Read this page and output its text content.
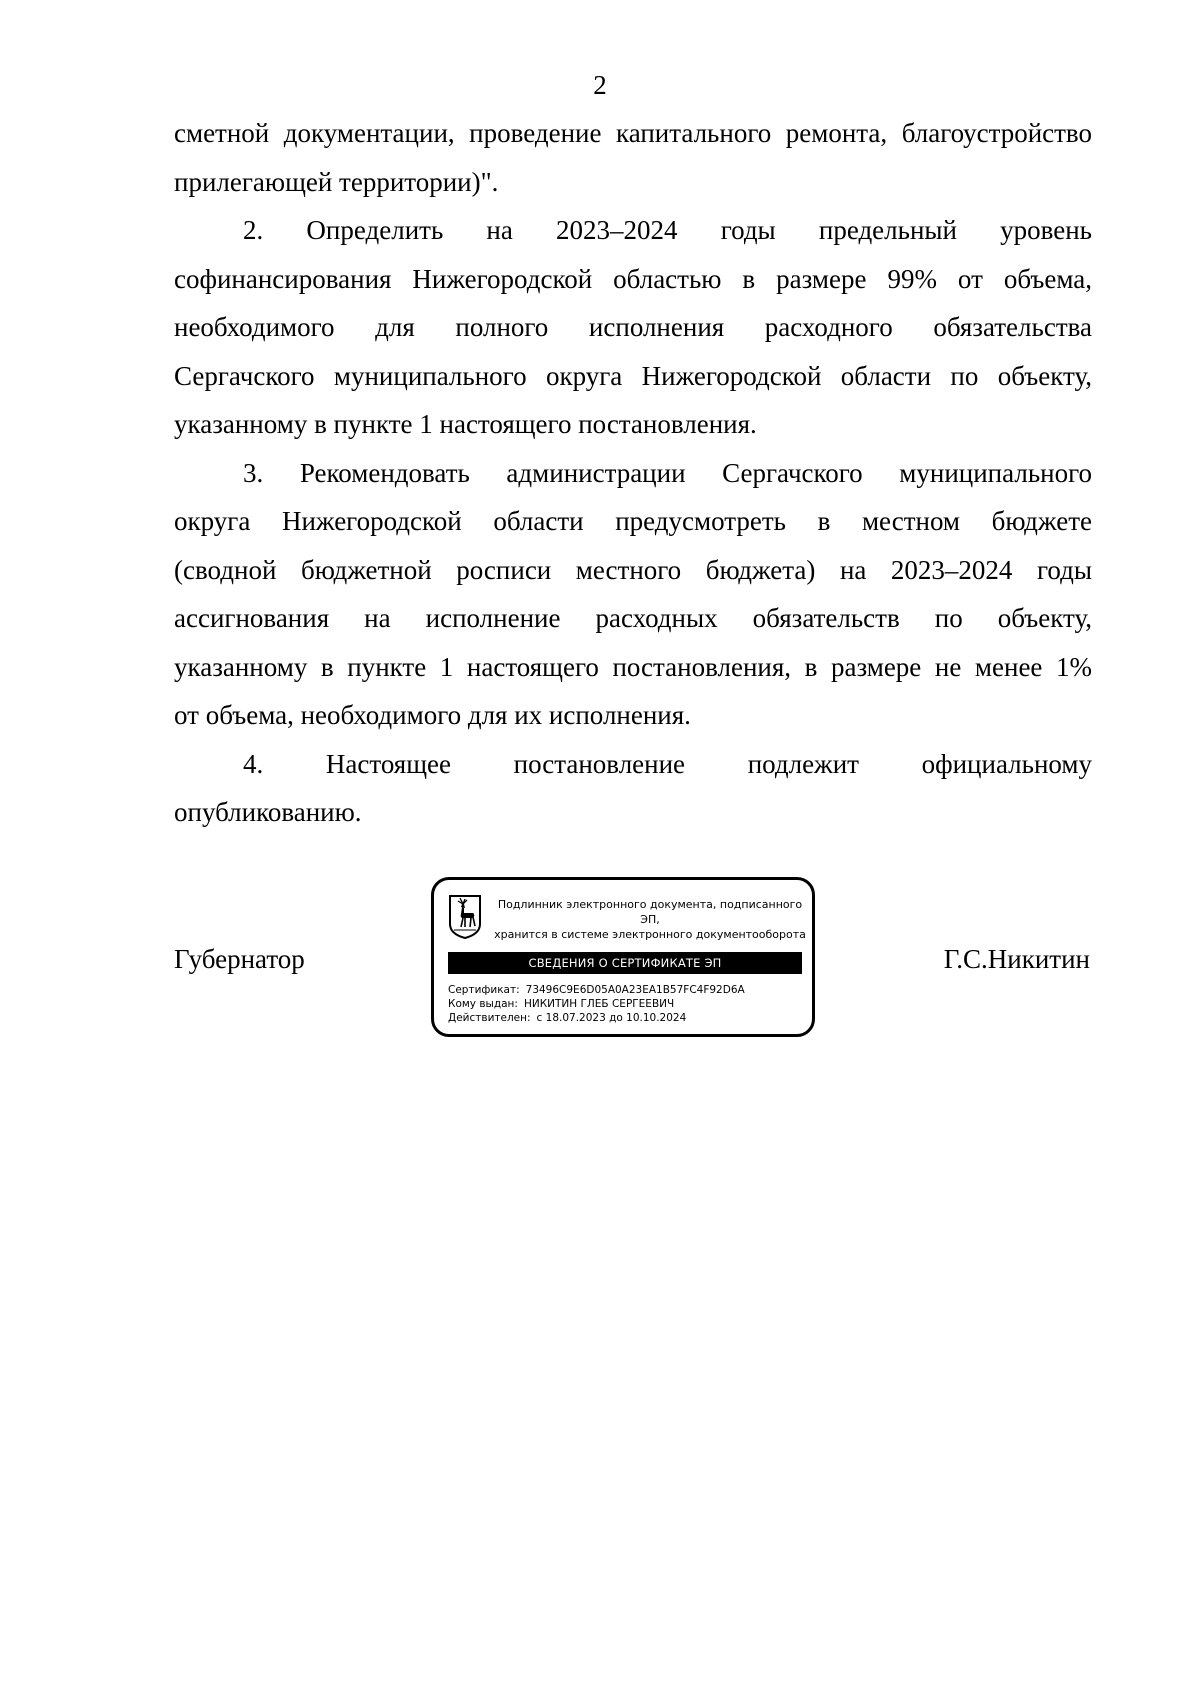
2

сметной документации, проведение капитального ремонта, благоустройство

прилегающей территории)".

2. Определить на 2023–2024 годы предельный уровень

софинансирования Нижегородской областью в размере 99% от объема,

необходимого для полного исполнения расходного обязательства

Сергачского муниципального округа Нижегородской области по объекту,

указанному в пункте 1 настоящего постановления.

3. Рекомендовать администрации Сергачского муниципального

округа Нижегородской области предусмотреть в местном бюджете

(сводной бюджетной росписи местного бюджета) на 2023–2024 годы

ассигнования на исполнение расходных обязательств по объекту,

указанному в пункте 1 настоящего постановления, в размере не менее 1%

от объема, необходимого для их исполнения.

4. Настоящее постановление подлежит официальному

опубликованию.

Губернатор	Г.С.Никитин
Подлинник электронного документа, подписанного ЭП,
хранится в системе электронного документооборота
СВЕДЕНИЯ О СЕРТИФИКАТЕ ЭП
Сертификат: 73496C9E6D05A0A23EA1B57FC4F92D6A
Кому выдан: НИКИТИН ГЛЕБ СЕРГЕЕВИЧ
Действителен: с 18.07.2023 до 10.10.2024
